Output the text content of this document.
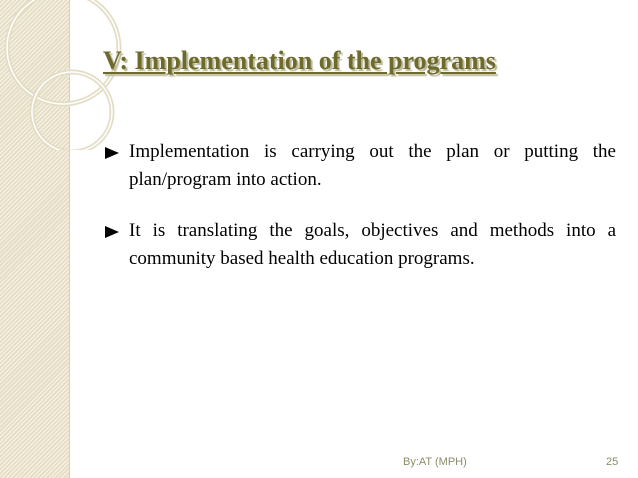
V: Implementation of the programs
Implementation is carrying out the plan or putting the plan/program into action.
It is translating the goals, objectives and methods into a community based health education programs.
By:AT (MPH)	25
